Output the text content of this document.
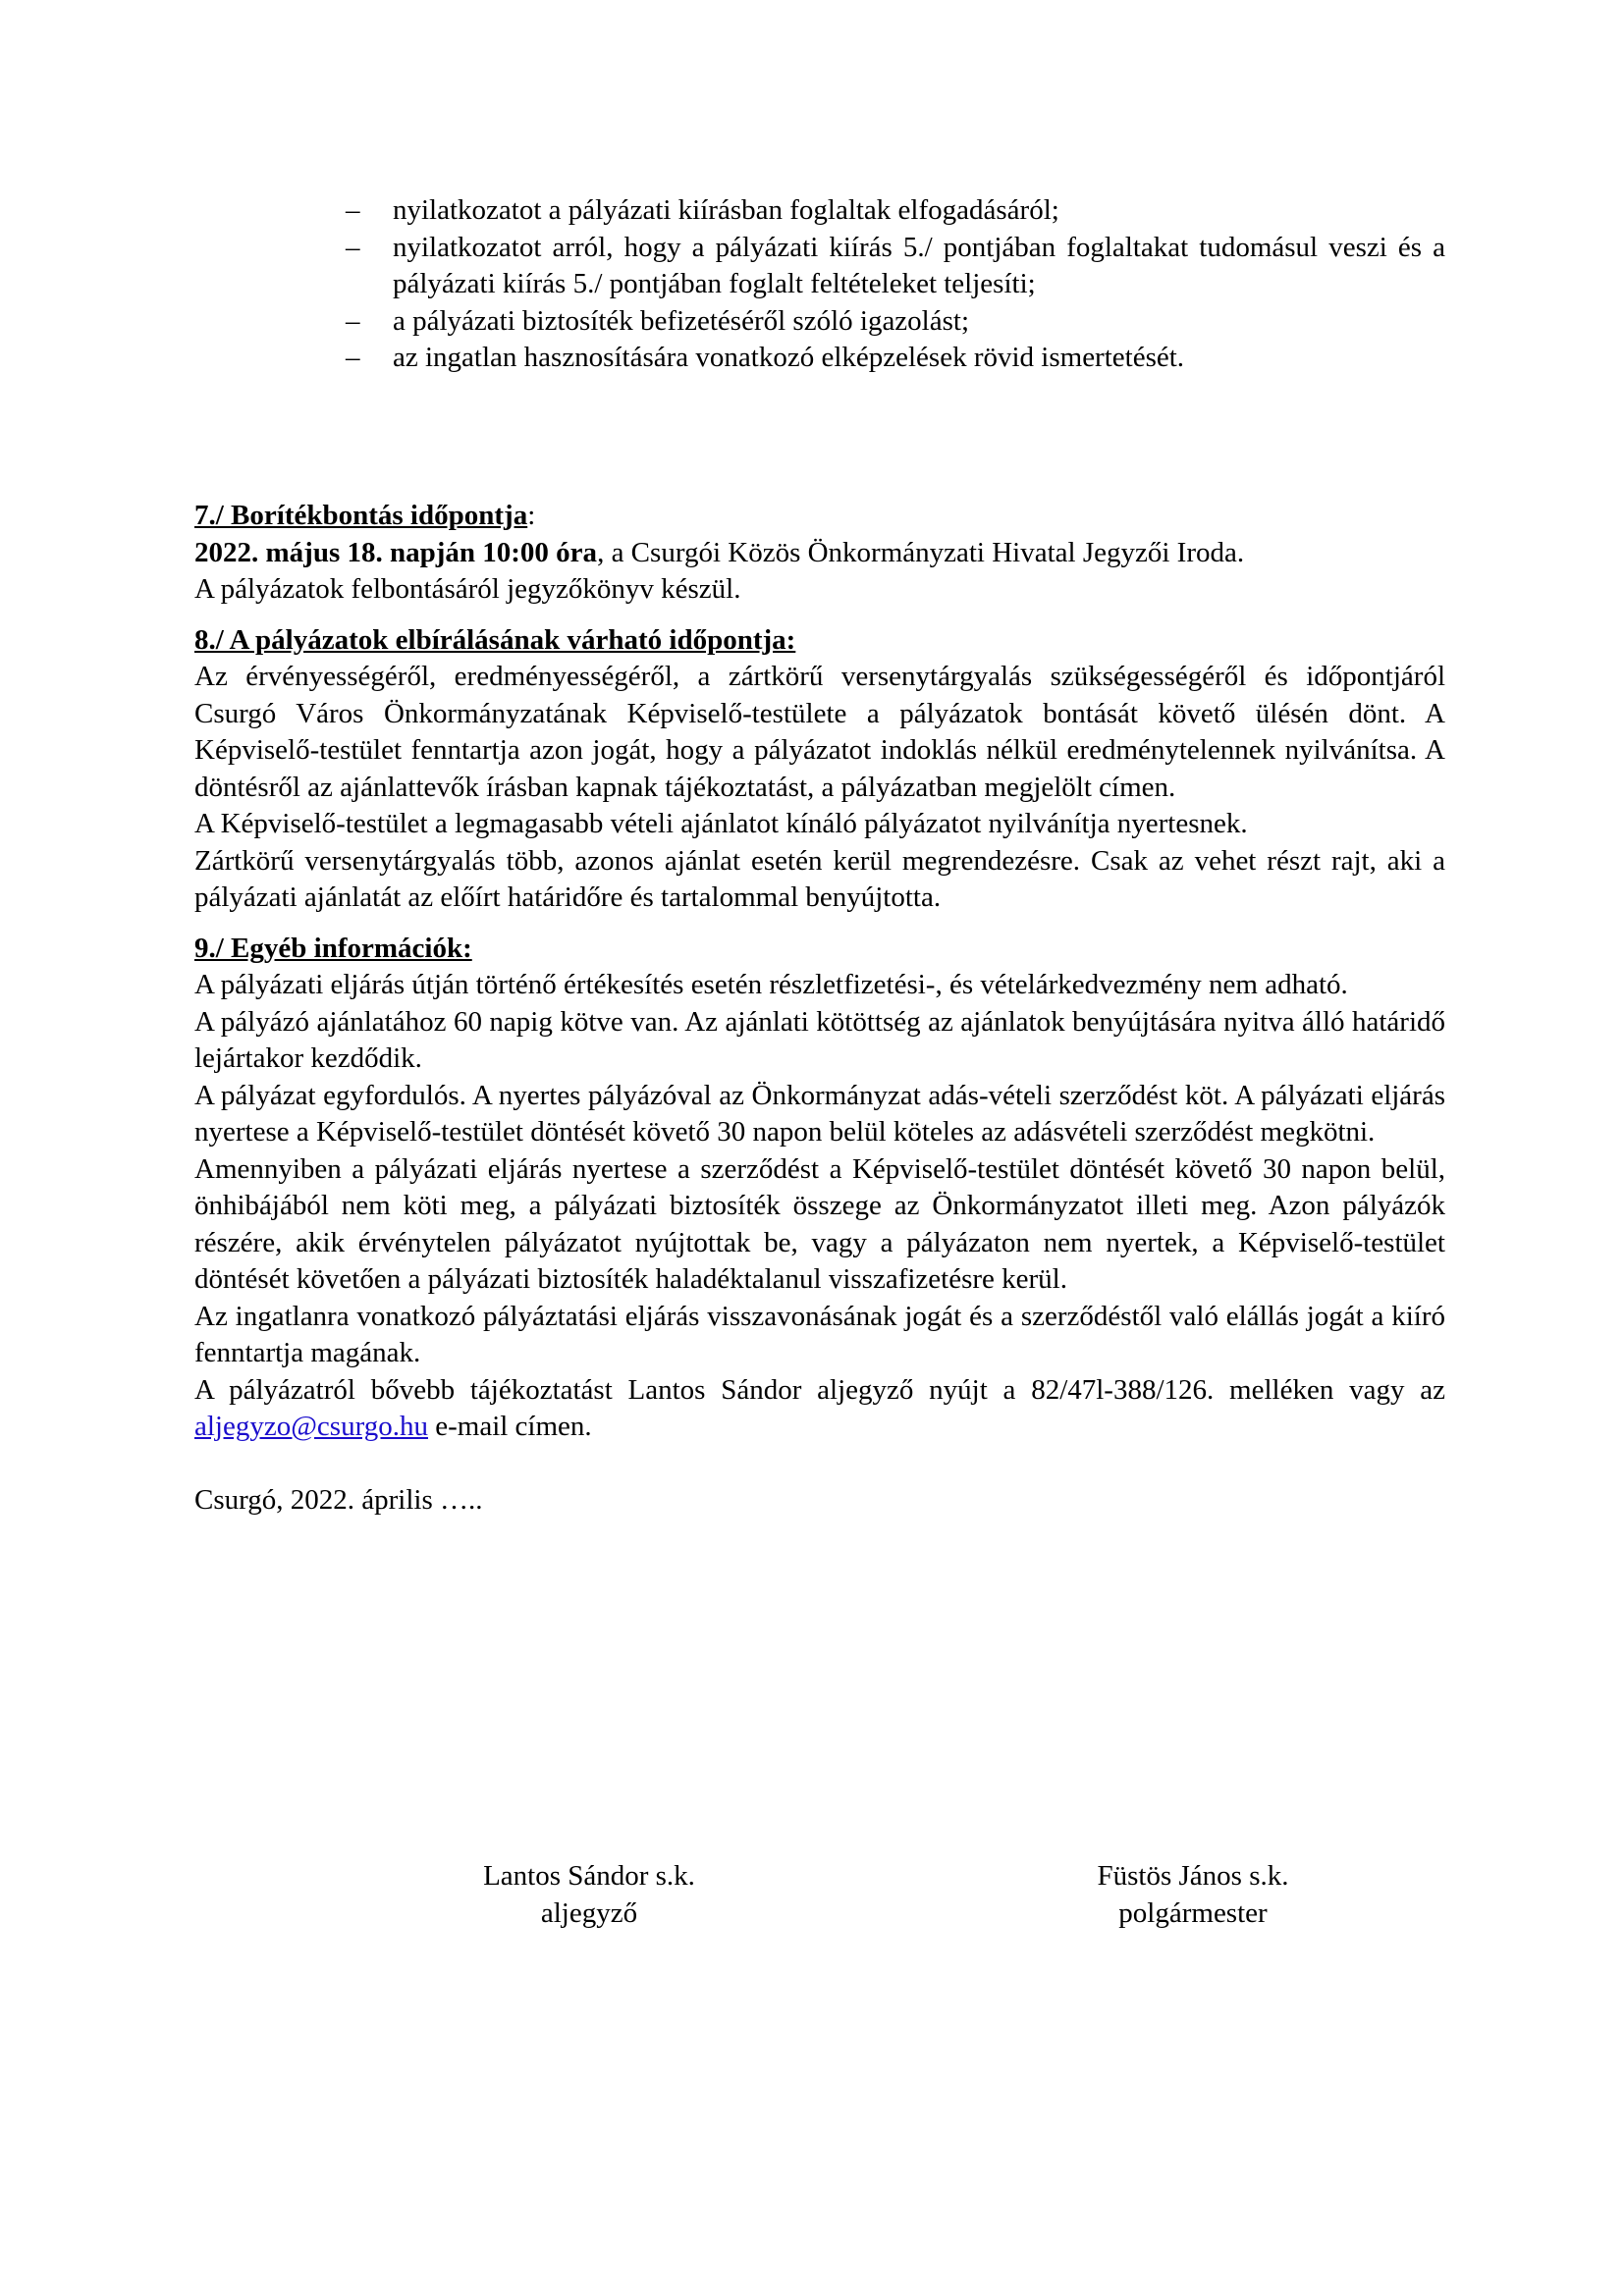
–	nyilatkozatot a pályázati kiírásban foglaltak elfogadásáról;
–	nyilatkozatot arról, hogy a pályázati kiírás 5./ pontjában foglaltakat tudomásul veszi és a pályázati kiírás 5./ pontjában foglalt feltételeket teljesíti;
–	a pályázati biztosíték befizetéséről szóló igazolást;
–	az ingatlan hasznosítására vonatkozó elképzelések rövid ismertetését.

7./ Borítékbontás időpontja:

2022. május 18. napján 10:00 óra, a Csurgói Közös Önkormányzati Hivatal Jegyzői Iroda.

A pályázatok felbontásáról jegyzőkönyv készül.

8./ A pályázatok elbírálásának várható időpontja:

Az érvényességéről, eredményességéről, a zártkörű versenytárgyalás szükségességéről és időpontjáról Csurgó Város Önkormányzatának Képviselő-testülete a pályázatok bontását követő ülésén dönt. A Képviselő-testület fenntartja azon jogát, hogy a pályázatot indoklás nélkül eredménytelennek nyilvánítsa. A döntésről az ajánlattevők írásban kapnak tájékoztatást, a pályázatban megjelölt címen.

A Képviselő-testület a legmagasabb vételi ajánlatot kínáló pályázatot nyilvánítja nyertesnek.

Zártkörű versenytárgyalás több, azonos ajánlat esetén kerül megrendezésre. Csak az vehet részt rajt, aki a pályázati ajánlatát az előírt határidőre és tartalommal benyújtotta.

9./ Egyéb információk:

A pályázati eljárás útján történő értékesítés esetén részletfizetési-, és vételárkedvezmény nem adható.

A pályázó ajánlatához 60 napig kötve van. Az ajánlati kötöttség az ajánlatok benyújtására nyitva álló határidő lejártakor kezdődik.

A pályázat egyfordulós. A nyertes pályázóval az Önkormányzat adás-vételi szerződést köt. A pályázati eljárás nyertese a Képviselő-testület döntését követő 30 napon belül köteles az adásvételi szerződést megkötni.

Amennyiben a pályázati eljárás nyertese a szerződést a Képviselő-testület döntését követő 30 napon belül, önhibájából nem köti meg, a pályázati biztosíték összege az Önkormányzatot illeti meg. Azon pályázók részére, akik érvénytelen pályázatot nyújtottak be, vagy a pályázaton nem nyertek, a Képviselő-testület döntését követően a pályázati biztosíték haladéktalanul visszafizetésre kerül.

Az ingatlanra vonatkozó pályáztatási eljárás visszavonásának jogát és a szerződéstől való elállás jogát a kiíró fenntartja magának.

A pályázatról bővebb tájékoztatást Lantos Sándor aljegyző nyújt a 82/47l-388/126. melléken vagy az aljegyzo@csurgo.hu e-mail címen.

Csurgó, 2022. április …..

Lantos Sándor s.k.
aljegyző
Füstös János s.k.
polgármester
